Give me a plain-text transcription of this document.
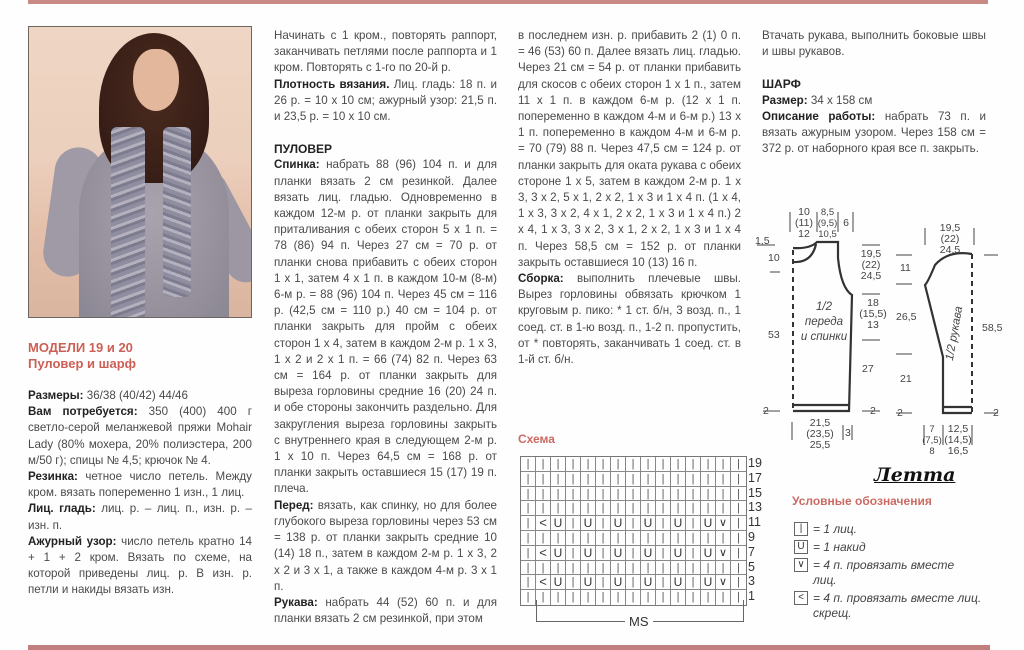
МОДЕЛИ 19 и 20
Пуловер и шарф

Размеры: 36/38 (40/42) 44/46

Вам потребуется: 350 (400) 400 г светло-серой меланжевой пряжи Mohair Lady (80% мохера, 20% полиэстера, 200 м/50 г); спицы № 4,5; крючок № 4.

Резинка: четное число петель. Между кром. вязать попеременно 1 изн., 1 лиц.

Лиц. гладь: лиц. р. – лиц. п., изн. р. – изн. п.

Ажурный узор: число петель кратно 14 + 1 + 2 кром. Вязать по схеме, на которой приведены лиц. р. В изн. р. петли и накиды вязать изн.

Начинать с 1 кром., повторять раппорт, заканчивать петлями после раппорта и 1 кром. Повторять с 1-го по 20-й р.

Плотность вязания. Лиц. гладь: 18 п. и 26 р. = 10 х 10 см; ажурный узор: 21,5 п. и 23,5 р. = 10 х 10 см.

ПУЛОВЕР

Спинка: набрать 88 (96) 104 п. и для планки вязать 2 см резинкой. Далее вязать лиц. гладью. Одновременно в каждом 12-м р. от планки закрыть для приталивания с обеих сторон 5 х 1 п. = 78 (86) 94 п. Через 27 см = 70 р. от планки снова прибавить с обеих сторон 1 х 1, затем 4 х 1 п. в каждом 10-м (8-м) 6-м р. = 88 (96) 104 п. Через 45 см = 116 р. (42,5 см = 110 р.) 40 см = 104 р. от планки закрыть для пройм с обеих сторон 1 х 4, затем в каждом 2-м р. 1 х 3, 1 х 2 и 2 х 1 п. = 66 (74) 82 п. Через 63 см = 164 р. от планки закрыть для выреза горловины средние 16 (20) 24 п. и обе стороны закончить раздельно. Для закругления выреза горловины закрыть с внутреннего края в следующем 2-м р. 1 х 10 п. Через 64,5 см = 168 р. от планки закрыть оставшиеся 15 (17) 19 п. плеча.

Перед: вязать, как спинку, но для более глубокого выреза горловины через 53 см = 138 р. от планки закрыть средние 10 (14) 18 п., затем в каждом 2-м р. 1 х 3, 2 х 2 и 3 х 1, а также в каждом 4-м р. 3 х 1 п.

Рукава: набрать 44 (52) 60 п. и для планки вязать 2 см резинкой, при этом

в последнем изн. р. прибавить 2 (1) 0 п. = 46 (53) 60 п. Далее вязать лиц. гладью. Через 21 см = 54 р. от планки прибавить для скосов с обеих сторон 1 х 1 п., затем 11 х 1 п. в каждом 6-м р. (12 х 1 п. попеременно в каждом 4-м и 6-м р.) 13 х 1 п. попеременно в каждом 4-м и 6-м р. = 70 (79) 88 п. Через 47,5 см = 124 р. от планки закрыть для оката рукава с обеих стороне 1 х 5, затем в каждом 2-м р. 1 х 3, 3 х 2, 5 х 1, 2 х 2, 1 х 3 и 1 х 4 п. (1 х 4, 1 х 3, 3 х 2, 4 х 1, 2 х 2, 1 х 3 и 1 х 4 п.) 2 х 4, 1 х 3, 3 х 2, 3 х 1, 2 х 2, 1 х 3 и 1 х 4 п. Через 58,5 см = 152 р. от планки закрыть оставшиеся 10 (13) 16 п.

Сборка: выполнить плечевые швы. Вырез горловины обвязать крючком 1 круговым р. пико: * 1 ст. б/н, 3 возд. п., 1 соед. ст. в 1-ю возд. п., 1-2 п. пропустить, от * повторять, заканчивать 1 соед. ст. в 1-й ст. б/н.

Схема
|
|
|
|
|
|
|
|
|
|
|
|
|
|
|
|
|
|
|
|
|
|
|
|
|
|
|
|
|
|
|
|
|
|
|
|
|
|
|
|
|
|
|
|
|
|
|
|
|
|
|
|
|
|
|
|
|
|
|
|
|
<
U
|
U
|
U
|
U
|
U
|
U
∨
|
|
|
|
|
|
|
|
|
|
|
|
|
|
|
|
|
<
U
|
U
|
U
|
U
|
U
|
U
∨
|
|
|
|
|
|
|
|
|
|
|
|
|
|
|
|
|
<
U
|
U
|
U
|
U
|
U
|
U
∨
|
|
|
|
|
|
|
|
|
|
|
|
|
|
|
|
19
17
15
13
11
9
7
5
3
1
MS

Втачать рукава, выполнить боковые швы и швы рукавов.

ШАРФ

Размер: 34 х 158 см

Описание работы: набрать 73 п. и вязать ажурным узором. Через 158 см = 372 р. от наборного края все п. закрыть.

10
(11)
12
8,5
(9,5)
10,5
6
1,5
10
53
2
19,5
(22)
24,5
18
(15,5)
13
27
2
21,5
(23,5)
25,5
3
1/2
переда
и спинки
19,5
(22)
24,5
11
26,5
21
2
58,5
2
7
(7,5)
8
12,5
(14,5)
16,5
1/2 рукава
Летта
Условные обозначения
| = 1 лиц.
U = 1 накид
∨ = 4 п. провязать вместе лиц.
< = 4 п. провязать вместе лиц. скрещ.
